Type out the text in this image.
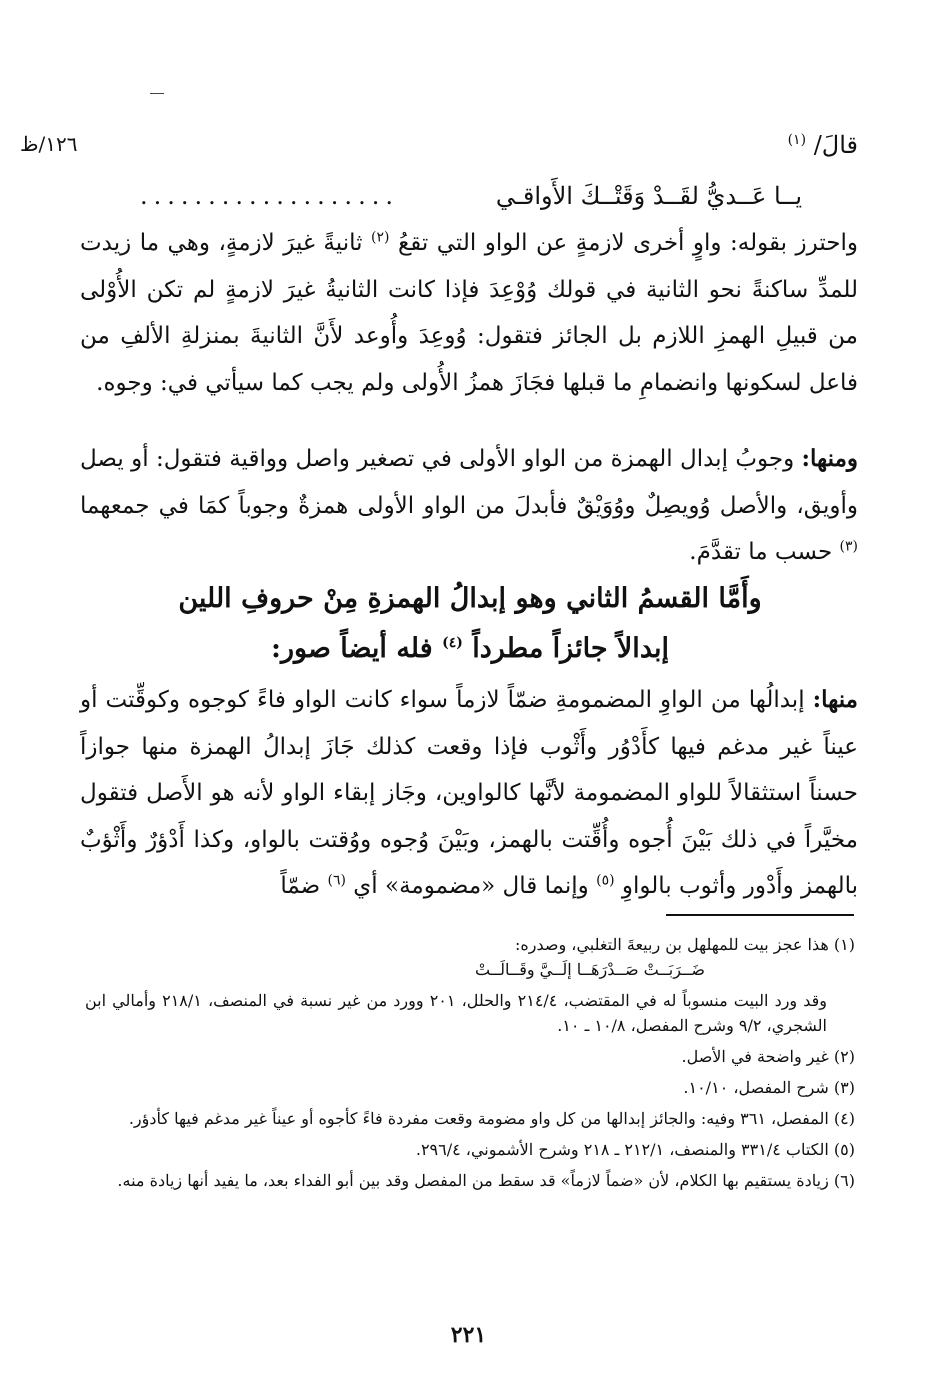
١٢٦/ظ	قالَ/ $^{(١)}$
يــا عَــديُّ لقَــدْ وَقَتْــكَ الأَواقـي
...................
واحترز بقوله: واوٍ أخرى لازمةٍ عن الواو التي تقعُ $^{(٢)}$ ثانيةً غيرَ لازمةٍ، وهي ما زيدت للمدِّ ساكنةً نحو الثانية في قولك وُوْعِدَ فإذا كانت الثانيةُ غيرَ لازمةٍ لم تكن الأُوْلى من قبيلِ الهمزِ اللازم بل الجائز فتقول: وُوعِدَ وأُوعد لأَنَّ الثانيةَ بمنزلةِ الألفِ من فاعل لسكونها وانضمامِ ما قبلها فجَازَ همزُ الأُولى ولم يجب كما سيأتي في: وجوه.
ومنها: وجوبُ إبدال الهمزة من الواو الأولى في تصغير واصل وواقية فتقول: أو يصل وأويق، والأصل وُويصِلٌ ووُوَيْقٌ فأبدلَ من الواو الأولى همزةٌ وجوباً كمَا في جمعهما $^{(٣)}$ حسب ما تقدَّمَ.
وأَمَّا القسمُ الثاني وهو إبدالُ الهمزةِ مِنْ حروفِ اللين
إبدالاً جائزاً مطرداً $^{(٤)}$ فله أيضاً صور:
منها: إبدالُها من الواوِ المضمومةِ ضمّاً لازماً سواء كانت الواو فاءً كوجوه وكوقِّتت أو عيناً غير مدغم فيها كأَدْوُر وأَثْوب فإذا وقعت كذلك جَازَ إبدالُ الهمزة منها جوازاً حسناً استثقالاً للواو المضمومة لأنَّها كالواوين، وجَاز إبقاء الواو لأنه هو الأَصل فتقول مخيَّراً في ذلك بَيْنَ أُجوه وأُقِّتت بالهمز، وبَيْنَ وُجوه ووُقتت بالواو، وكذا أَدْؤرٌ وأَثْؤبٌ بالهمز وأَدْور وأثوب بالواوِ $^{(٥)}$ وإنما قال «مضمومة» أي $^{(٦)}$ ضمّاً

(١) هذا عجز بيت للمهلهل بن ربيعةَ التغلبي، وصدره:

ضَــرَبَــتْ صَــدْرَهَــا إلَــيَّ وقَــالَــتْ

وقد ورد البيت منسوباً له في المقتضب، ٢١٤/٤ والحلل، ٢٠١ وورد من غير نسبة في المنصف، ٢١٨/١ وأمالي ابن الشجري، ٩/٢ وشرح المفصل، ١٠/٨ ـ ١٠.

(٢) غير واضحة في الأصل.

(٣) شرح المفصل، ١٠/١٠.

(٤) المفصل، ٣٦١ وفيه: والجائز إبدالها من كل واو مضومة وقعت مفردة فاءً كأجوه أو عيناً غير مدغم فيها كأدؤر.

(٥) الكتاب ٣٣١/٤ والمنصف، ٢١٢/١ ـ ٢١٨ وشرح الأشموني، ٢٩٦/٤.

(٦) زيادة يستقيم بها الكلام، لأن «ضماً لازماً» قد سقط من المفصل وقد بين أبو الفداء بعد، ما يفيد أنها زيادة منه.

٢٢١
